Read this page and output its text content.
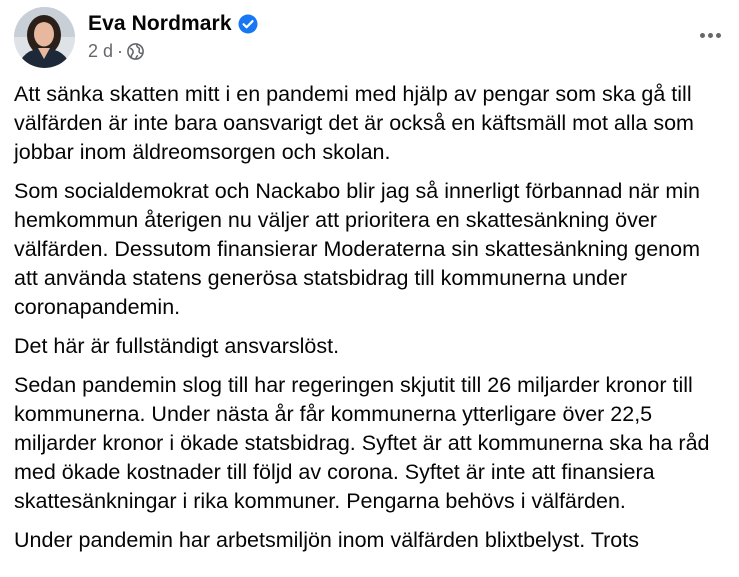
Eva Nordmark
2 d ·

Att sänka skatten mitt i en pandemi med hjälp av pengar som ska gå till välfärden är inte bara oansvarigt det är också en käftsmäll mot alla som jobbar inom äldreomsorgen och skolan.

Som socialdemokrat och Nackabo blir jag så innerligt förbannad när min hemkommun återigen nu väljer att prioritera en skattesänkning över välfärden. Dessutom finansierar Moderaterna sin skattesänkning genom att använda statens generösa statsbidrag till kommunerna under coronapandemin.

Det här är fullständigt ansvarslöst.

Sedan pandemin slog till har regeringen skjutit till 26 miljarder kronor till kommunerna. Under nästa år får kommunerna ytterligare över 22,5 miljarder kronor i ökade statsbidrag. Syftet är att kommunerna ska ha råd med ökade kostnader till följd av corona. Syftet är inte att finansiera skattesänkningar i rika kommuner. Pengarna behövs i välfärden.

Under pandemin har arbetsmiljön inom välfärden blixtbelyst. Trots
